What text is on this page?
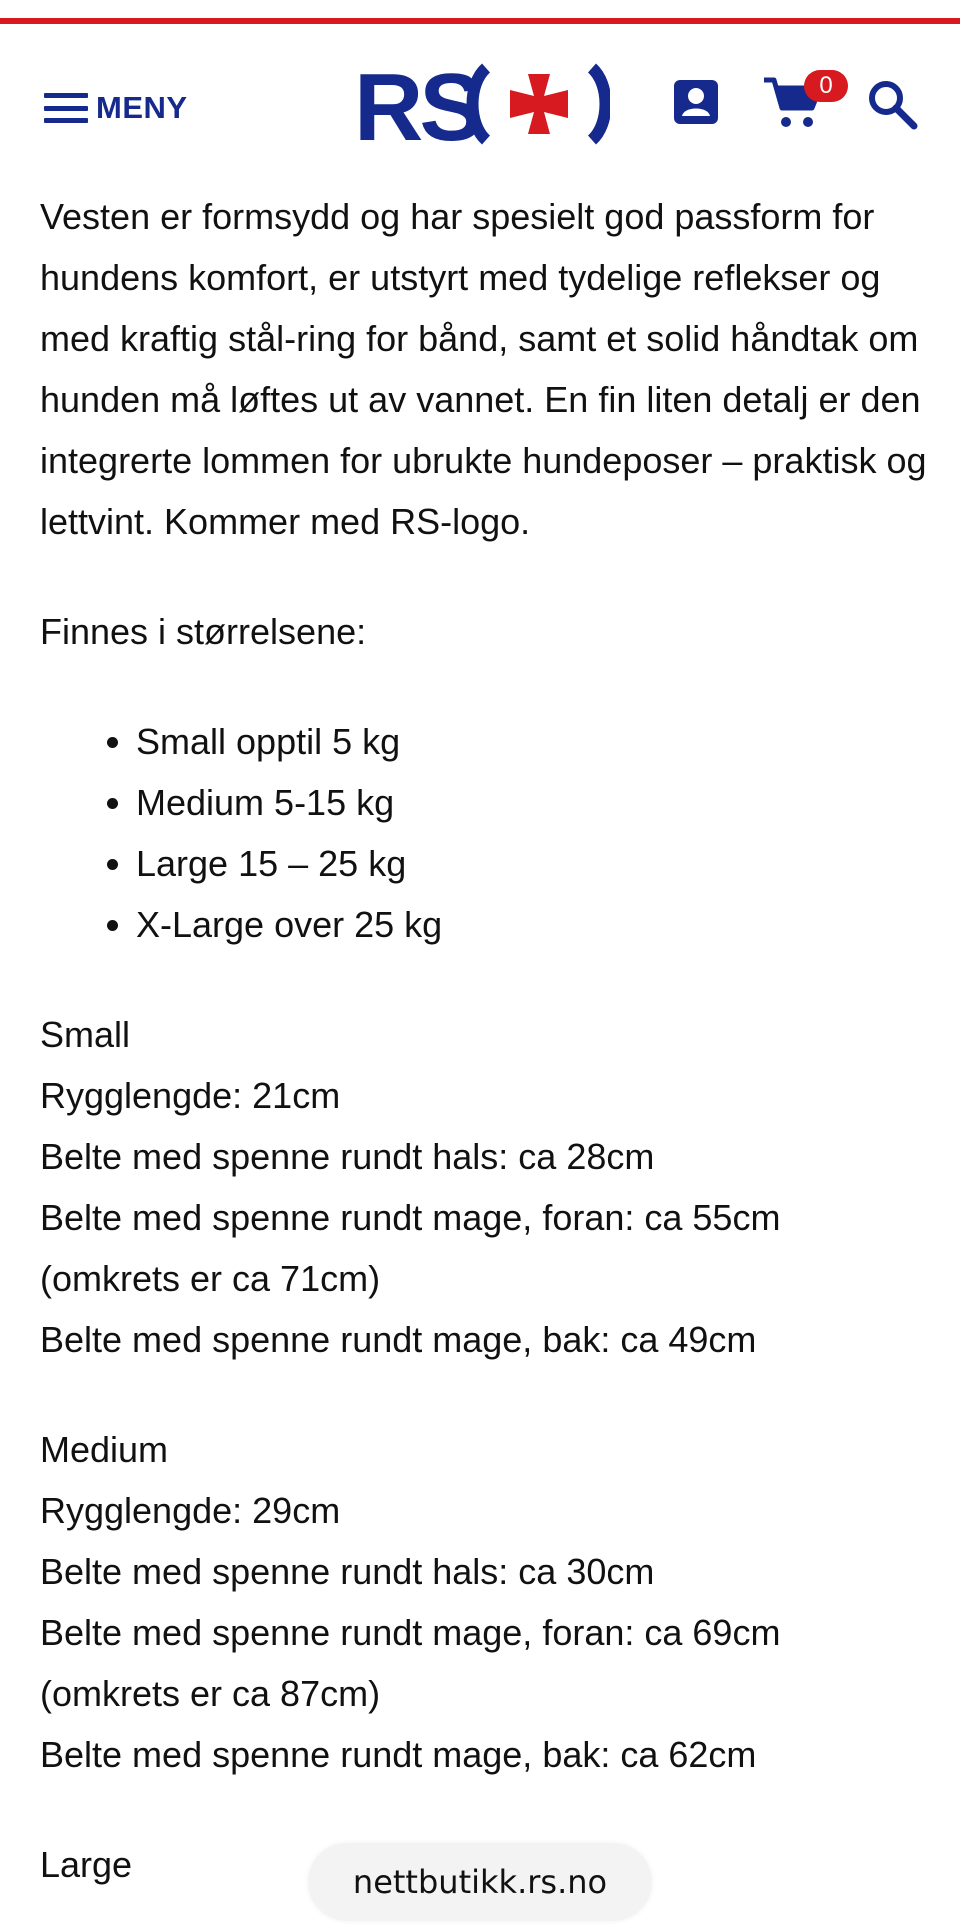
MENY RS	0

Vesten er formsydd og har spesielt god passform for hundens komfort, er utstyrt med tydelige reflekser og med kraftig stål-ring for bånd, samt et solid håndtak om hunden må løftes ut av vannet. En fin liten detalj er den integrerte lommen for ubrukte hundeposer – praktisk og lettvint. Kommer med RS-logo.

Finnes i størrelsene:

• Small opptil 5 kg
• Medium 5-15 kg
• Large 15 – 25 kg
• X-Large over 25 kg
Small
Rygglengde: 21cm
Belte med spenne rundt hals: ca 28cm
Belte med spenne rundt mage, foran: ca 55cm (omkrets er ca 71cm)
Belte med spenne rundt mage, bak: ca 49cm
Medium
Rygglengde: 29cm
Belte med spenne rundt hals: ca 30cm
Belte med spenne rundt mage, foran: ca 69cm (omkrets er ca 87cm)
Belte med spenne rundt mage, bak: ca 62cm
Large	nettbutikk.rs.no
